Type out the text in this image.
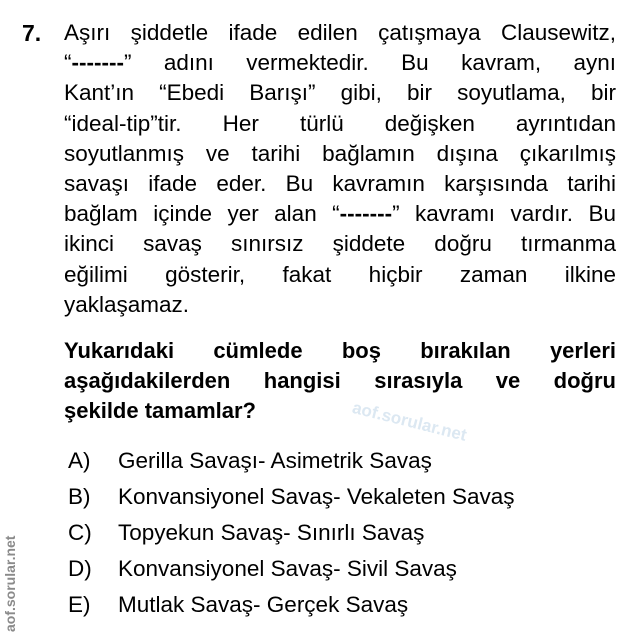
7. Aşırı şiddetle ifade edilen çatışmaya Clausewitz,
“-------” adını vermektedir. Bu kavram, aynı
Kant’ın “Ebedi Barışı” gibi, bir soyutlama, bir
“ideal-tip”tir. Her türlü değişken ayrıntıdan
soyutlanmış ve tarihi bağlamın dışına çıkarılmış
savaşı ifade eder. Bu kavramın karşısında tarihi
bağlam içinde yer alan “-------” kavramı vardır. Bu
ikinci savaş sınırsız şiddete doğru tırmanma
eğilimi gösterir, fakat hiçbir zaman ilkine
yaklaşamaz.
Yukarıdaki cümlede boş bırakılan yerleri
aşağıdakilerden hangisi sırasıyla ve doğru
şekilde tamamlar?	aof.sorular.net
A)	Gerilla Savaşı- Asimetrik Savaş
B)	Konvansiyonel Savaş- Vekaleten Savaş
C)	Topyekun Savaş- Sınırlı Savaş
D)	Konvansiyonel Savaş- Sivil Savaş
E)	Mutlak Savaş- Gerçek Savaş
aof.sorular.net
